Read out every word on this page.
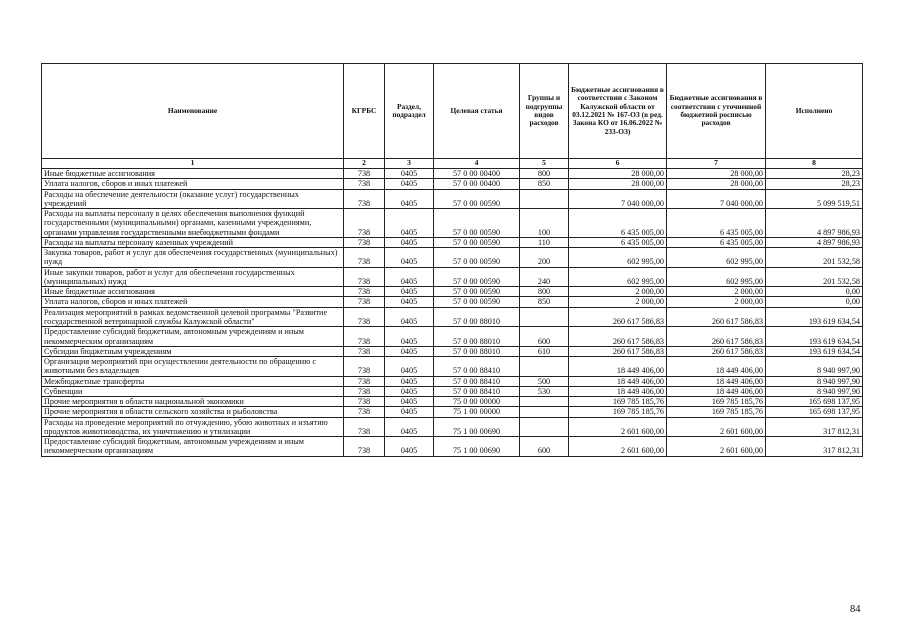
Наименование	КГРБС	Раздел, подраздел	Целевая статья	Группы и подгруппы видов расходов	Бюджетные ассигнования в соответствии с Законом Калужской области от 03.12.2021 № 167-ОЗ (в ред. Закона КО от 16.06.2022 № 233-ОЗ)	Бюджетные ассигнования в соответствии с уточненной бюджетной росписью расходов	Исполнено
1	2	3	4	5	6	7	8
Иные бюджетные ассигнования	738	0405	57 0 00 00400	800	28 000,00	28 000,00	28,23
Уплата налогов, сборов и иных платежей	738	0405	57 0 00 00400	850	28 000,00	28 000,00	28,23
Расходы на обеспечение деятельности (оказание услуг) государственных учреждений	738	0405	57 0 00 00590		7 040 000,00	7 040 000,00	5 099 519,51
Расходы на выплаты персоналу в целях обеспечения выполнения функций государственными (муниципальными) органами, казенными учреждениями, органами управления государственными внебюджетными фондами	738	0405	57 0 00 00590	100	6 435 005,00	6 435 005,00	4 897 986,93
Расходы на выплаты персоналу казенных учреждений	738	0405	57 0 00 00590	110	6 435 005,00	6 435 005,00	4 897 986,93
Закупка товаров, работ и услуг для обеспечения государственных (муниципальных) нужд	738	0405	57 0 00 00590	200	602 995,00	602 995,00	201 532,58
Иные закупки товаров, работ и услуг для обеспечения государственных (муниципальных) нужд	738	0405	57 0 00 00590	240	602 995,00	602 995,00	201 532,58
Иные бюджетные ассигнования	738	0405	57 0 00 00590	800	2 000,00	2 000,00	0,00
Уплата налогов, сборов и иных платежей	738	0405	57 0 00 00590	850	2 000,00	2 000,00	0,00
Реализация мероприятий в рамках ведомственной целевой программы "Развитие государственной ветеринарной службы Калужской области"	738	0405	57 0 00 88010		260 617 586,83	260 617 586,83	193 619 634,54
Предоставление субсидий бюджетным, автономным учреждениям и иным некоммерческим организациям	738	0405	57 0 00 88010	600	260 617 586,83	260 617 586,83	193 619 634,54
Субсидии бюджетным учреждениям	738	0405	57 0 00 88010	610	260 617 586,83	260 617 586,83	193 619 634,54
Организация мероприятий при осуществлении деятельности по обращению с животными без владельцев	738	0405	57 0 00 88410		18 449 406,00	18 449 406,00	8 940 997,90
Межбюджетные трансферты	738	0405	57 0 00 88410	500	18 449 406,00	18 449 406,00	8 940 997,90
Субвенции	738	0405	57 0 00 88410	530	18 449 406,00	18 449 406,00	8 940 997,90
Прочие мероприятия в области национальной экономики	738	0405	75 0 00 00000		169 785 185,76	169 785 185,76	165 698 137,95
Прочие мероприятия в области сельского хозяйства и рыболовства	738	0405	75 1 00 00000		169 785 185,76	169 785 185,76	165 698 137,95
Расходы на проведение мероприятий по отчуждению, убою животных и изъятию продуктов животноводства, их уничтожению и утилизации	738	0405	75 1 00 00690		2 601 600,00	2 601 600,00	317 812,31
Предоставление субсидий бюджетным, автономным учреждениям и иным некоммерческим организациям	738	0405	75 1 00 00690	600	2 601 600,00	2 601 600,00	317 812,31
84
